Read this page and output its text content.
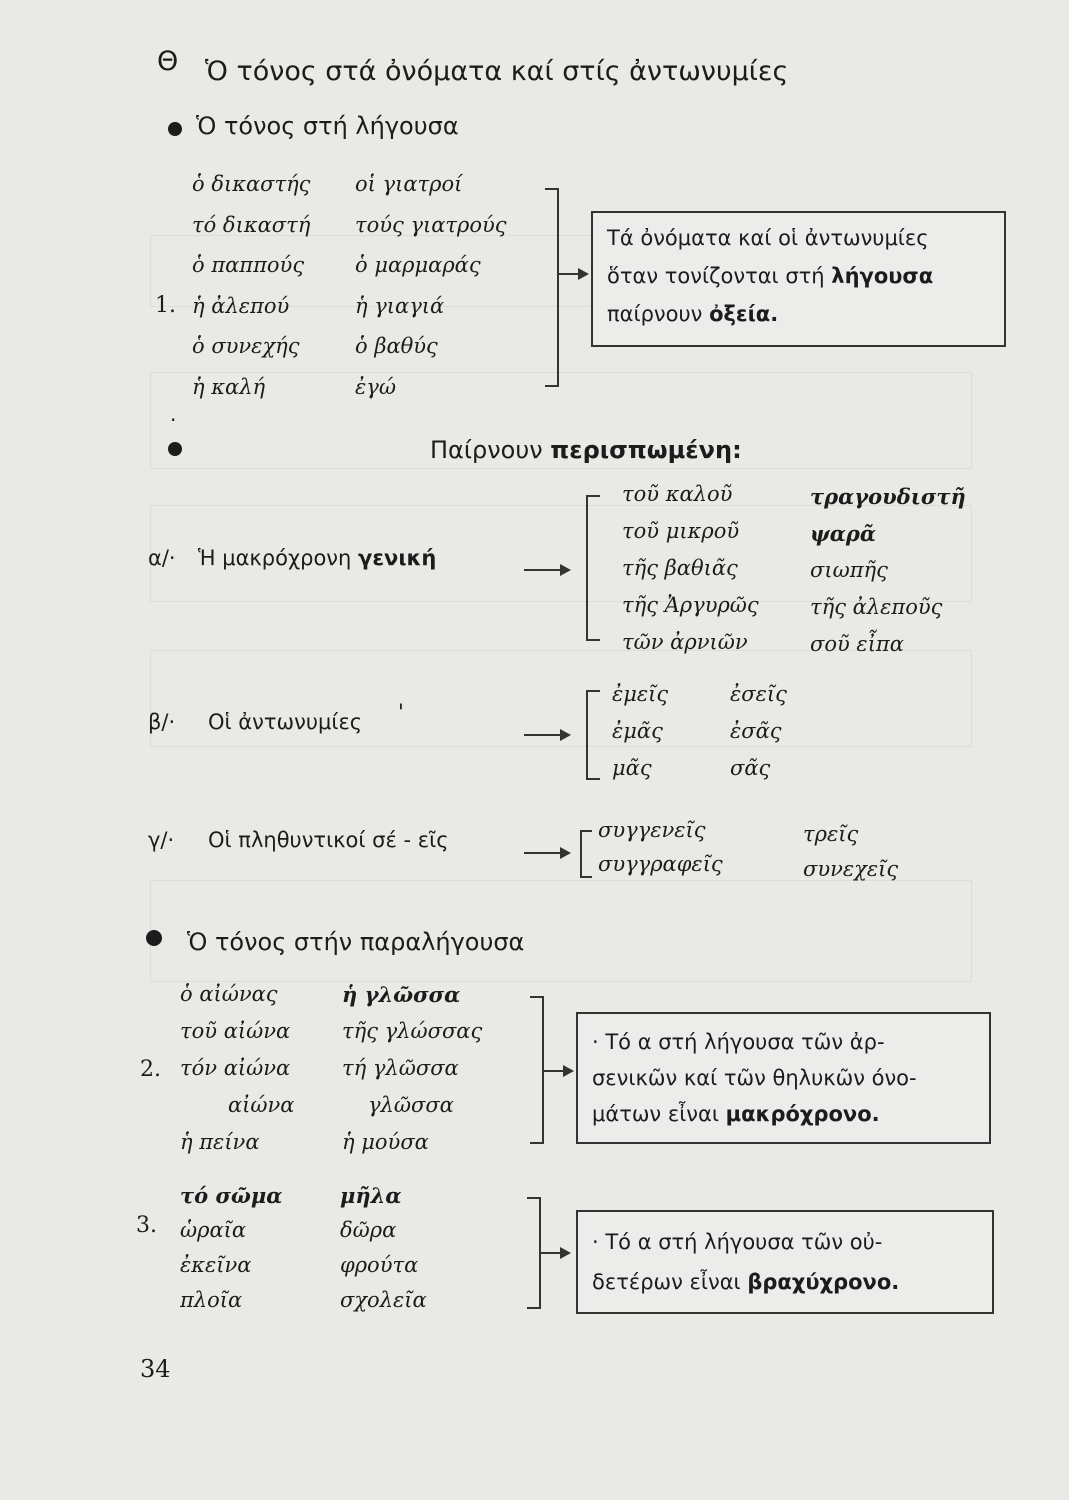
Θ Ὁ τόνος στά ὀνόματα καί στίς ἀντωνυμίες
Ὁ τόνος στή λήγουσα
1.
ὁ δικαστής
τό δικαστή
ὁ παππούς
ἡ ἀλεπού
ὁ συνεχής
ἡ καλή
οἱ γιατροί
τούς γιατρούς
ὁ μαρμαράς
ἡ γιαγιά
ὁ βαθύς
ἐγώ
Τά ὀνόματα καί οἱ ἀντωνυμίες
ὅταν τονίζονται στή λήγουσα
παίρνουν ὀξεία.
.
Παίρνουν περισπωμένη:
α/· Ἡ μακρόχρονη γενική
τοῦ καλοῦ
τοῦ μικροῦ
τῆς βαθιᾶς
τῆς Ἀργυρῶς
τῶν ἀρνιῶν
τραγουδιστῆ
ψαρᾶ
σιωπῆς
τῆς ἀλεποῦς
σοῦ εἶπα
β/· Οἱ ἀντωνυμίες '
ἐμεῖς
ἐμᾶς
μᾶς
ἐσεῖς
ἐσᾶς
σᾶς
γ/· Οἱ πληθυντικοί σέ - εῖς	συγγενεῖς
συγγραφεῖς
τρεῖς
συνεχεῖς
Ὁ τόνος στήν παραλήγουσα
2.
ὁ αἰώνας
τοῦ αἰώνα
τόν αἰώνα
αἰώνα
ἡ πείνα
ἡ γλῶσσα
τῆς γλώσσας
τή γλῶσσα
γλῶσσα
ἡ μούσα
· Τό α στή λήγουσα τῶν ἀρ-
σενικῶν καί τῶν θηλυκῶν όνο-
μάτων εἶναι μακρόχρονο.
3.
τό σῶμα
ὡραῖα
ἐκεῖνα
πλοῖα
μῆλα
δῶρα
φρούτα
σχολεῖα
· Τό α στή λήγουσα τῶν οὐ-
δετέρων εἶναι βραχύχρονο.
34
